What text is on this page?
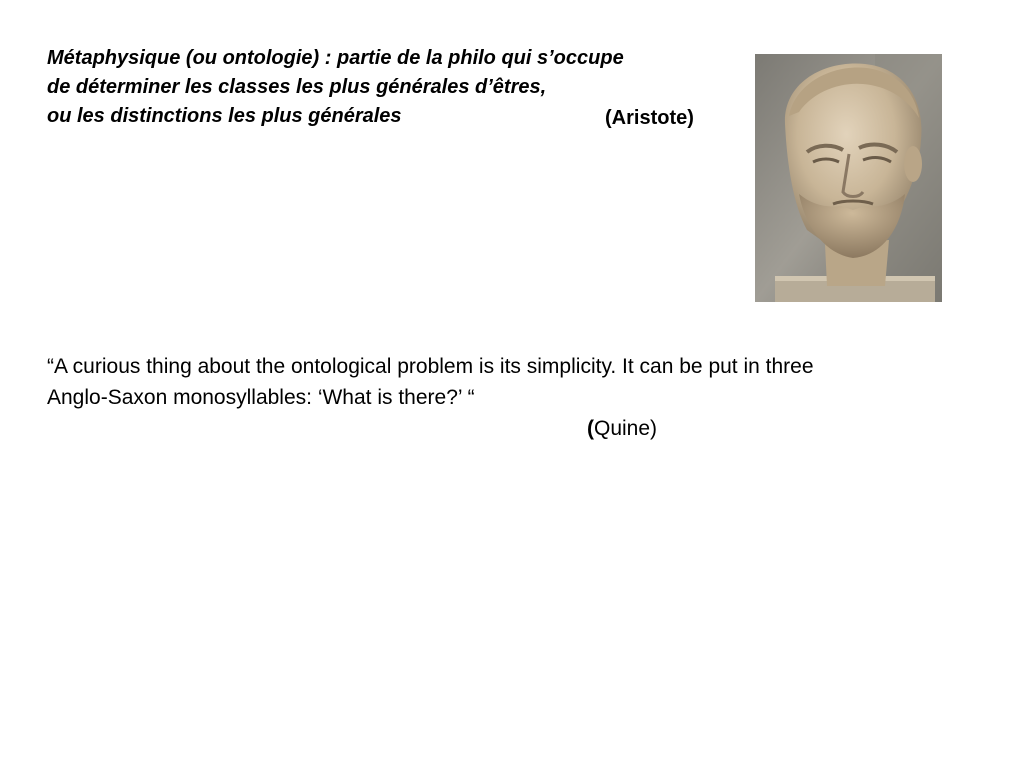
Métaphysique (ou ontologie) : partie de la philo qui s’occupe
de déterminer les classes les plus générales d’êtres,
ou les distinctions les plus générales	(Aristote)
“A curious thing about the ontological problem is its simplicity. It can be put in three
Anglo-Saxon monosyllables: ‘What is there?’ “
(Quine)
